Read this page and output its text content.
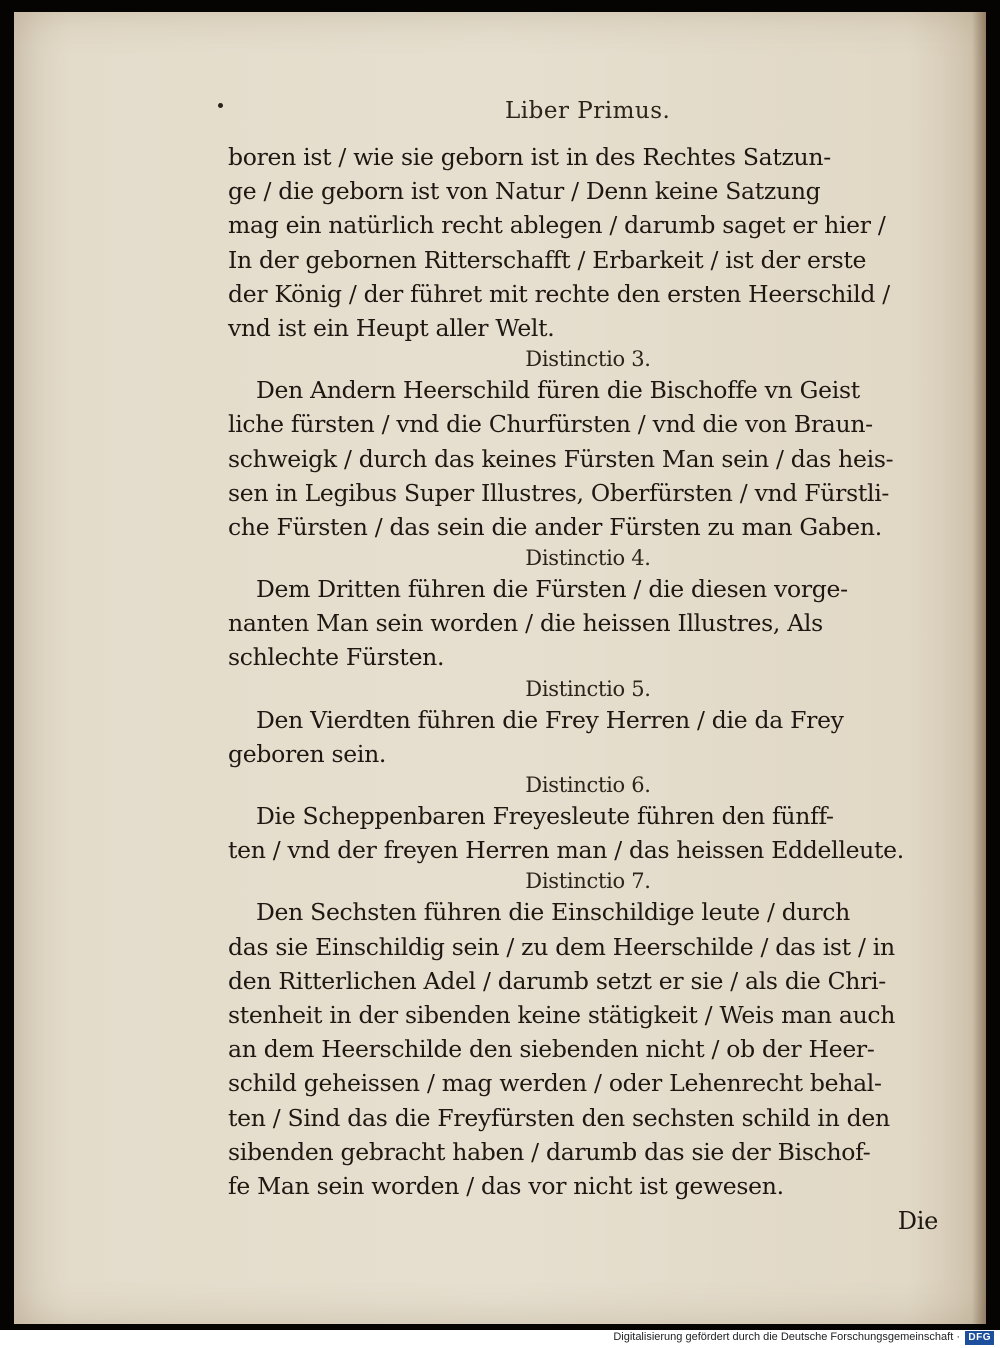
Liber Primus.
boren ist / wie sie geborn ist in des Rechtes Satzun-
ge / die geborn ist von Natur / Denn keine Satzung
mag ein natürlich recht ablegen / darumb saget er hier /
In der gebornen Ritterschafft / Erbarkeit / ist der erste
der König / der führet mit rechte den ersten Heerschild /
vnd ist ein Heupt aller Welt.
Distinctio 3.
Den Andern Heerschild füren die Bischoffe vn Geist
liche fürsten / vnd die Churfürsten / vnd die von Braun-
schweigk / durch das keines Fürsten Man sein / das heis-
sen in Legibus Super Illustres, Oberfürsten / vnd Fürstli-
che Fürsten / das sein die ander Fürsten zu man Gaben.
Distinctio 4.
Dem Dritten führen die Fürsten / die diesen vorge-
nanten Man sein worden / die heissen Illustres, Als
schlechte Fürsten.
Distinctio 5.
Den Vierdten führen die Frey Herren / die da Frey
geboren sein.
Distinctio 6.
Die Scheppenbaren Freyesleute führen den fünff-
ten / vnd der freyen Herren man / das heissen Eddelleute.
Distinctio 7.
Den Sechsten führen die Einschildige leute / durch
das sie Einschildig sein / zu dem Heerschilde / das ist / in
den Ritterlichen Adel / darumb setzt er sie / als die Chri-
stenheit in der sibenden keine stätigkeit / Weis man auch
an dem Heerschilde den siebenden nicht / ob der Heer-
schild geheissen / mag werden / oder Lehenrecht behal-
ten / Sind das die Freyfürsten den sechsten schild in den
sibenden gebracht haben / darumb das sie der Bischof-
fe Man sein worden / das vor nicht ist gewesen.
Die
Digitalisierung gefördert durch die Deutsche Forschungsgemeinschaft · DFG
